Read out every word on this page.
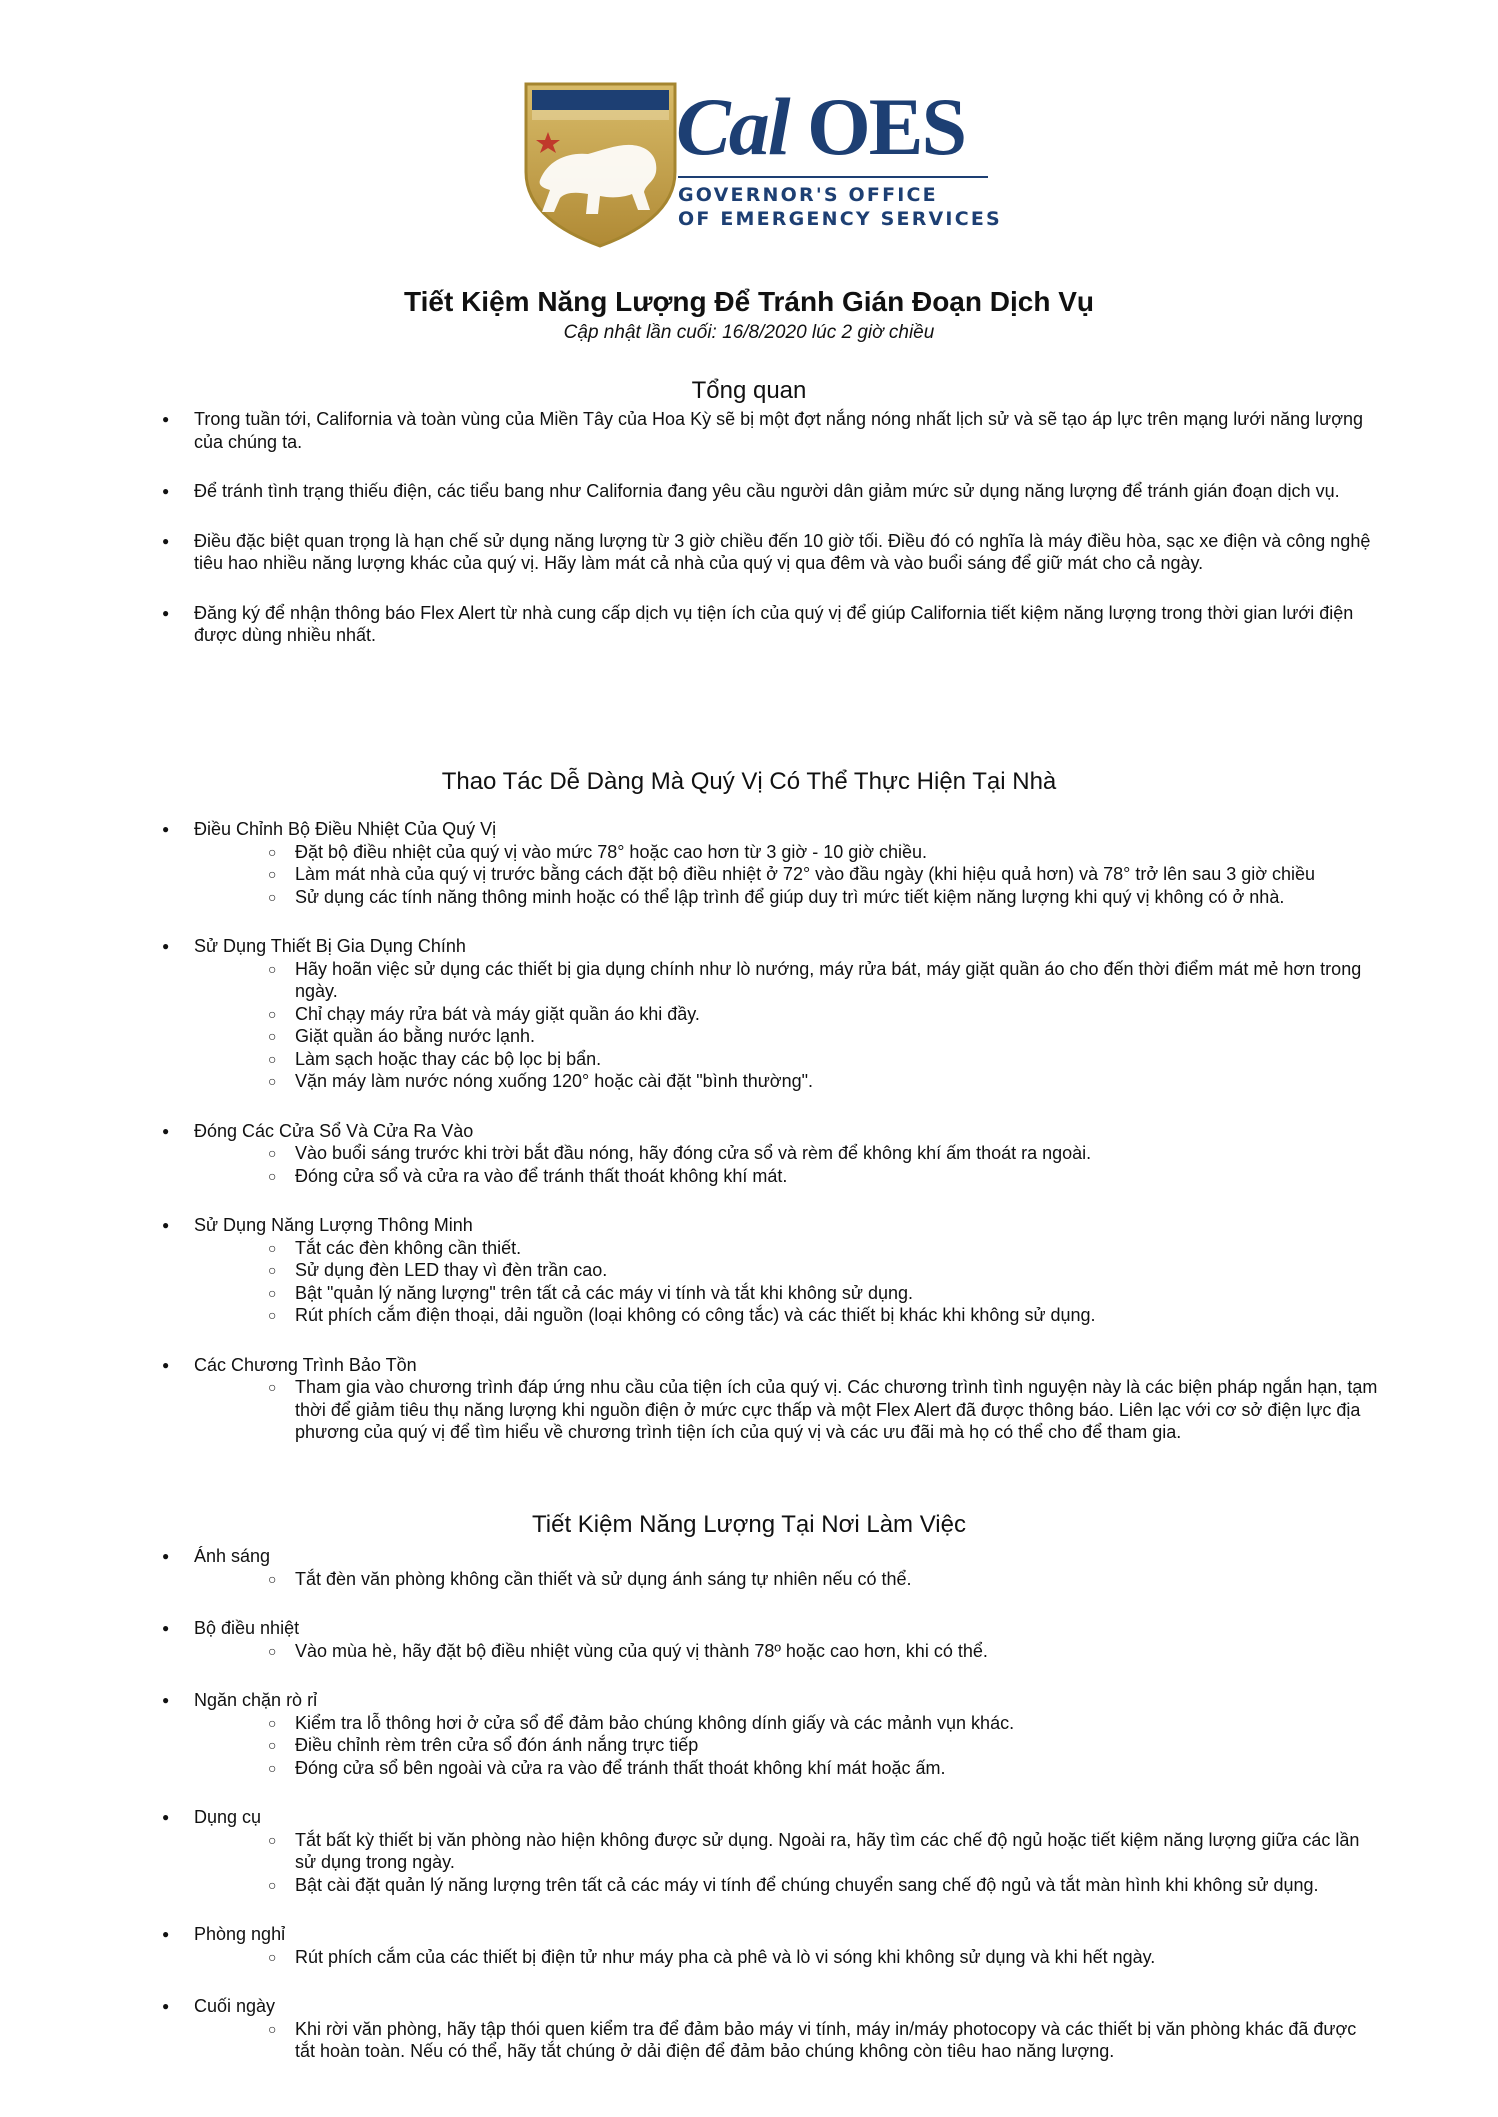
Cal OES
GOVERNOR'S OFFICE
OF EMERGENCY SERVICES
Tiết Kiệm Năng Lượng Để Tránh Gián Đoạn Dịch Vụ
Cập nhật lần cuối: 16/8/2020 lúc 2 giờ chiều
Tổng quan
● Trong tuần tới, California và toàn vùng của Miền Tây của Hoa Kỳ sẽ bị một đợt nắng nóng nhất lịch sử và sẽ tạo áp lực trên mạng lưới năng lượng của chúng ta.
● Để tránh tình trạng thiếu điện, các tiểu bang như California đang yêu cầu người dân giảm mức sử dụng năng lượng để tránh gián đoạn dịch vụ.
● Điều đặc biệt quan trọng là hạn chế sử dụng năng lượng từ 3 giờ chiều đến 10 giờ tối. Điều đó có nghĩa là máy điều hòa, sạc xe điện và công nghệ tiêu hao nhiều năng lượng khác của quý vị. Hãy làm mát cả nhà của quý vị qua đêm và vào buổi sáng để giữ mát cho cả ngày.
● Đăng ký để nhận thông báo Flex Alert từ nhà cung cấp dịch vụ tiện ích của quý vị để giúp California tiết kiệm năng lượng trong thời gian lưới điện được dùng nhiều nhất.
Thao Tác Dễ Dàng Mà Quý Vị Có Thể Thực Hiện Tại Nhà
● Điều Chỉnh Bộ Điều Nhiệt Của Quý Vị
○ Đặt bộ điều nhiệt của quý vị vào mức 78° hoặc cao hơn từ 3 giờ - 10 giờ chiều.
○ Làm mát nhà của quý vị trước bằng cách đặt bộ điều nhiệt ở 72° vào đầu ngày (khi hiệu quả hơn) và 78° trở lên sau 3 giờ chiều
○ Sử dụng các tính năng thông minh hoặc có thể lập trình để giúp duy trì mức tiết kiệm năng lượng khi quý vị không có ở nhà.
● Sử Dụng Thiết Bị Gia Dụng Chính
○ Hãy hoãn việc sử dụng các thiết bị gia dụng chính như lò nướng, máy rửa bát, máy giặt quần áo cho đến thời điểm mát mẻ hơn trong ngày.
○ Chỉ chạy máy rửa bát và máy giặt quần áo khi đầy.
○ Giặt quần áo bằng nước lạnh.
○ Làm sạch hoặc thay các bộ lọc bị bẩn.
○ Vặn máy làm nước nóng xuống 120° hoặc cài đặt "bình thường".
● Đóng Các Cửa Sổ Và Cửa Ra Vào
○ Vào buổi sáng trước khi trời bắt đầu nóng, hãy đóng cửa sổ và rèm để không khí ấm thoát ra ngoài.
○ Đóng cửa sổ và cửa ra vào để tránh thất thoát không khí mát.
● Sử Dụng Năng Lượng Thông Minh
○ Tắt các đèn không cần thiết.
○ Sử dụng đèn LED thay vì đèn trần cao.
○ Bật "quản lý năng lượng" trên tất cả các máy vi tính và tắt khi không sử dụng.
○ Rút phích cắm điện thoại, dải nguồn (loại không có công tắc) và các thiết bị khác khi không sử dụng.
● Các Chương Trình Bảo Tồn
○ Tham gia vào chương trình đáp ứng nhu cầu của tiện ích của quý vị. Các chương trình tình nguyện này là các biện pháp ngắn hạn, tạm thời để giảm tiêu thụ năng lượng khi nguồn điện ở mức cực thấp và một Flex Alert đã được thông báo. Liên lạc với cơ sở điện lực địa phương của quý vị để tìm hiểu về chương trình tiện ích của quý vị và các ưu đãi mà họ có thể cho để tham gia.
Tiết Kiệm Năng Lượng Tại Nơi Làm Việc
● Ánh sáng
○ Tắt đèn văn phòng không cần thiết và sử dụng ánh sáng tự nhiên nếu có thể.
● Bộ điều nhiệt
○ Vào mùa hè, hãy đặt bộ điều nhiệt vùng của quý vị thành 78º hoặc cao hơn, khi có thể.
● Ngăn chặn rò rỉ
○ Kiểm tra lỗ thông hơi ở cửa sổ để đảm bảo chúng không dính giấy và các mảnh vụn khác.
○ Điều chỉnh rèm trên cửa sổ đón ánh nắng trực tiếp
○ Đóng cửa sổ bên ngoài và cửa ra vào để tránh thất thoát không khí mát hoặc ấm.
● Dụng cụ
○ Tắt bất kỳ thiết bị văn phòng nào hiện không được sử dụng. Ngoài ra, hãy tìm các chế độ ngủ hoặc tiết kiệm năng lượng giữa các lần sử dụng trong ngày.
○ Bật cài đặt quản lý năng lượng trên tất cả các máy vi tính để chúng chuyển sang chế độ ngủ và tắt màn hình khi không sử dụng.
● Phòng nghỉ
○ Rút phích cắm của các thiết bị điện tử như máy pha cà phê và lò vi sóng khi không sử dụng và khi hết ngày.
● Cuối ngày
○ Khi rời văn phòng, hãy tập thói quen kiểm tra để đảm bảo máy vi tính, máy in/máy photocopy và các thiết bị văn phòng khác đã được tắt hoàn toàn. Nếu có thể, hãy tắt chúng ở dải điện để đảm bảo chúng không còn tiêu hao năng lượng.
